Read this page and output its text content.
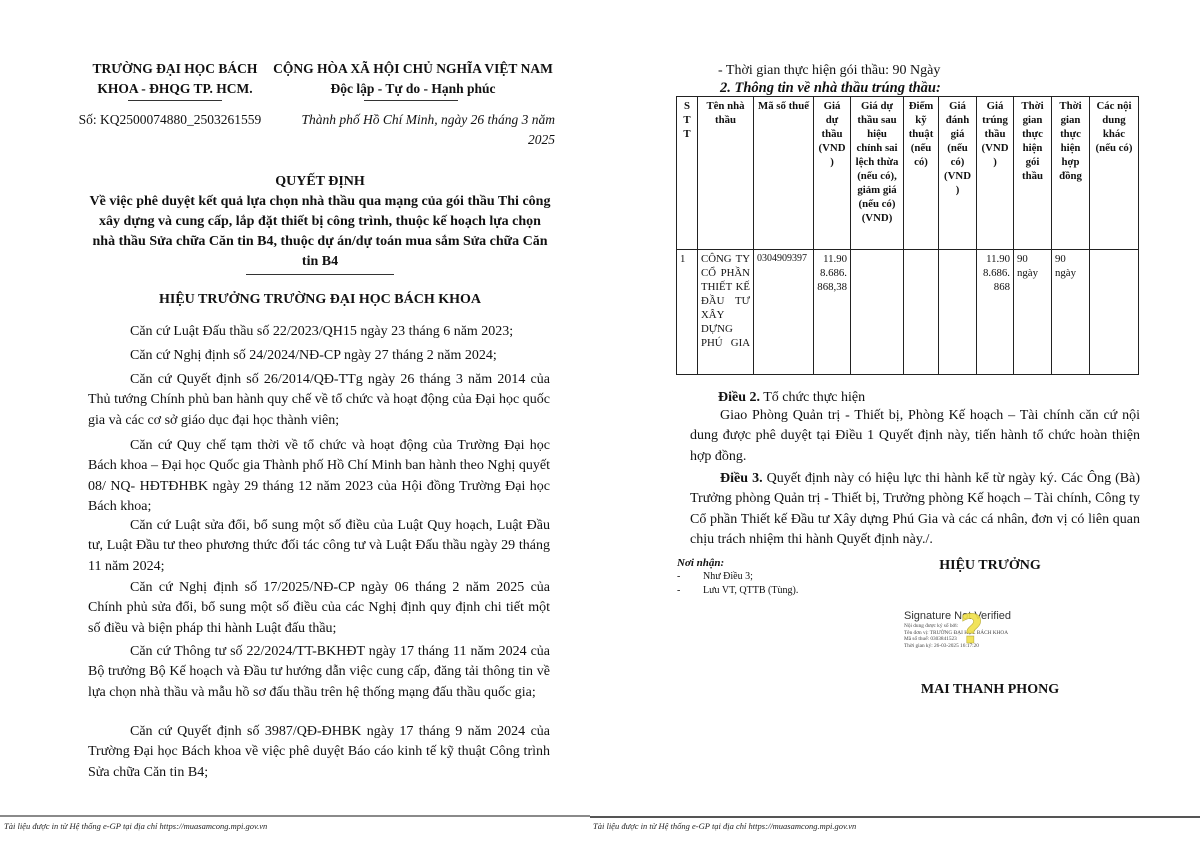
TRƯỜNG ĐẠI HỌC BÁCH
KHOA - ĐHQG TP. HCM.
CỘNG HÒA XÃ HỘI CHỦ NGHĨA VIỆT NAM
Độc lập - Tự do - Hạnh phúc
Số: KQ2500074880_2503261559	Thành phố Hồ Chí Minh, ngày 26 tháng 3 năm
2025
QUYẾT ĐỊNH
Về việc phê duyệt kết quả lựa chọn nhà thầu qua mạng của gói thầu Thi công xây dựng và cung cấp, lắp đặt thiết bị công trình, thuộc kế hoạch lựa chọn nhà thầu Sửa chữa Căn tin B4, thuộc dự án/dự toán mua sắm Sửa chữa Căn tin B4
HIỆU TRƯỞNG TRƯỜNG ĐẠI HỌC BÁCH KHOA
Căn cứ Luật Đấu thầu số 22/2023/QH15 ngày 23 tháng 6 năm 2023;
Căn cứ Nghị định số 24/2024/NĐ-CP ngày 27 tháng 2 năm 2024;
Căn cứ Quyết định số 26/2014/QĐ-TTg ngày 26 tháng 3 năm 2014 của Thủ tướng Chính phủ ban hành quy chế về tổ chức và hoạt động của Đại học quốc gia và các cơ sở giáo dục đại học thành viên;
Căn cứ Quy chế tạm thời về tổ chức và hoạt động của Trường Đại học Bách khoa – Đại học Quốc gia Thành phố Hồ Chí Minh ban hành theo Nghị quyết 08/ NQ- HĐTĐHBK ngày 29 tháng 12 năm 2023 của Hội đồng Trường Đại học Bách khoa;
Căn cứ Luật sửa đổi, bổ sung một số điều của Luật Quy hoạch, Luật Đầu tư, Luật Đầu tư theo phương thức đối tác công tư và Luật Đấu thầu ngày 29 tháng 11 năm 2024;
Căn cứ Nghị định số 17/2025/NĐ-CP ngày 06 tháng 2 năm 2025 của Chính phủ sửa đổi, bổ sung một số điều của các Nghị định quy định chi tiết một số điều và biện pháp thi hành Luật đấu thầu;
Căn cứ Thông tư số 22/2024/TT-BKHĐT ngày 17 tháng 11 năm 2024 của Bộ trưởng Bộ Kế hoạch và Đầu tư hướng dẫn việc cung cấp, đăng tải thông tin về lựa chọn nhà thầu và mẫu hồ sơ đấu thầu trên hệ thống mạng đấu thầu quốc gia;
Căn cứ Quyết định số 3987/QĐ-ĐHBK ngày 17 tháng 9 năm 2024 của Trường Đại học Bách khoa về việc phê duyệt Báo cáo kinh tế kỹ thuật Công trình Sửa chữa Căn tin B4;
- Thời gian thực hiện gói thầu: 90 Ngày
2. Thông tin về nhà thầu trúng thầu:
S T T	Tên nhà thầu	Mã số thuế	Giá dự thầu (VND )	Giá dự thầu sau hiệu chỉnh sai lệch thừa (nếu có), giảm giá (nếu có) (VND)	Điểm kỹ thuật (nếu có)	Giá đánh giá (nếu có) (VND )	Giá trúng thầu (VND )	Thời gian thực hiện gói thầu	Thời gian thực hiện hợp đồng	Các nội dung khác (nếu có)
1	CÔNG TY CỔ PHẦN THIẾT KẾ ĐẦU TƯ XÂY DỰNG PHÚ GIA	0304909397	11.908.686.868,38				11.908.686.868	90 ngày	90 ngày	
Điều 2. Tổ chức thực hiện
Giao Phòng Quản trị - Thiết bị, Phòng Kế hoạch – Tài chính căn cứ nội dung được phê duyệt tại Điều 1 Quyết định này, tiến hành tổ chức hoàn thiện hợp đồng.
Điều 3. Quyết định này có hiệu lực thi hành kể từ ngày ký. Các Ông (Bà) Trưởng phòng Quản trị - Thiết bị, Trưởng phòng Kế hoạch – Tài chính, Công ty Cổ phần Thiết kế Đầu tư Xây dựng Phú Gia và các cá nhân, đơn vị có liên quan chịu trách nhiệm thi hành Quyết định này./.
Nơi nhận:
- Như Điều 3;
- Lưu VT, QTTB (Tùng).
HIỆU TRƯỞNG
Signature Not Verified
Nội dung được ký số bởi:
Tên đơn vị: TRƯỜNG ĐẠI HỌC BÁCH KHOA
Mã số thuế: 0303841523
Thời gian ký: 26-03-2025 16:17:20
?
MAI THANH PHONG
Tài liệu được in từ Hệ thống e-GP tại địa chỉ https://muasamcong.mpi.gov.vn	Tài liệu được in từ Hệ thống e-GP tại địa chỉ https://muasamcong.mpi.gov.vn
